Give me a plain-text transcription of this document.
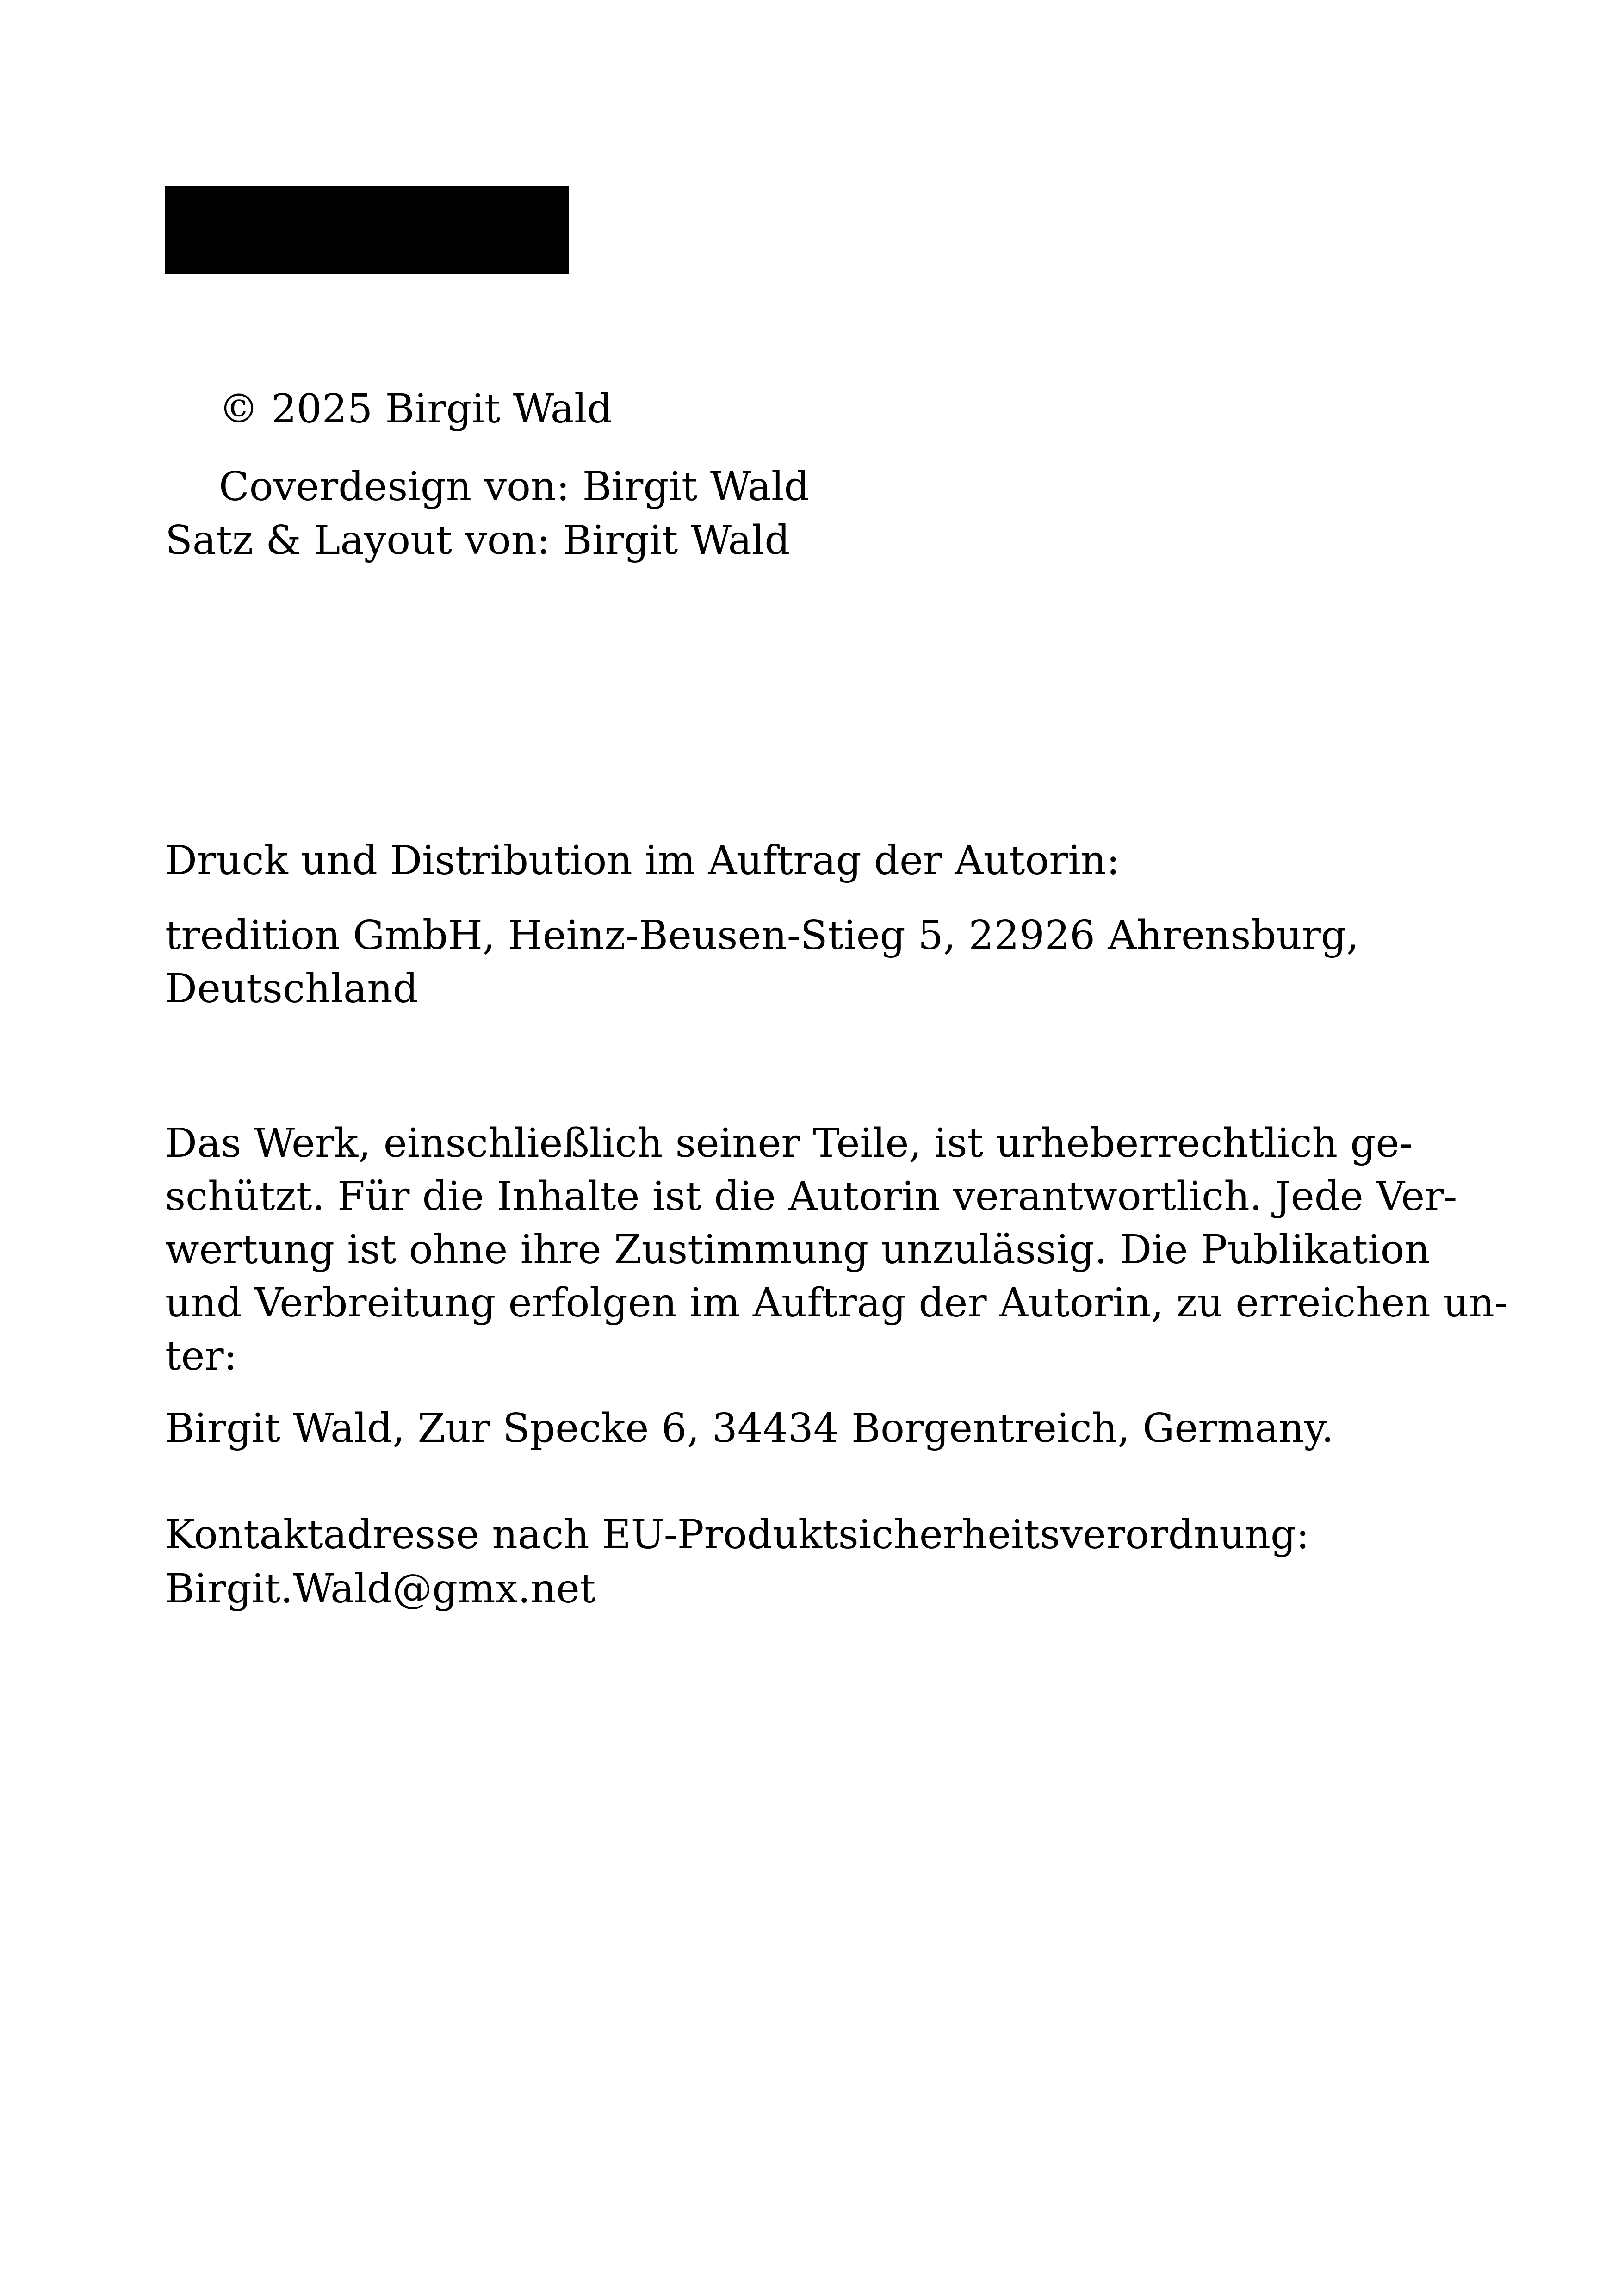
© 2025 Birgit Wald

Coverdesign von: Birgit Wald

Satz & Layout von: Birgit Wald

Druck und Distribution im Auftrag der Autorin:

tredition GmbH, Heinz-Beusen-Stieg 5, 22926 Ahrensburg,

Deutschland

Das Werk, einschließlich seiner Teile, ist urheberrechtlich ge-
schützt. Für die Inhalte ist die Autorin verantwortlich. Jede Ver-
wertung ist ohne ihre Zustimmung unzulässig. Die Publikation
und Verbreitung erfolgen im Auftrag der Autorin, zu erreichen un-
ter:

Birgit Wald, Zur Specke 6, 34434 Borgentreich, Germany.

Kontaktadresse nach EU-Produktsicherheitsverordnung:

Birgit.Wald@gmx.net
